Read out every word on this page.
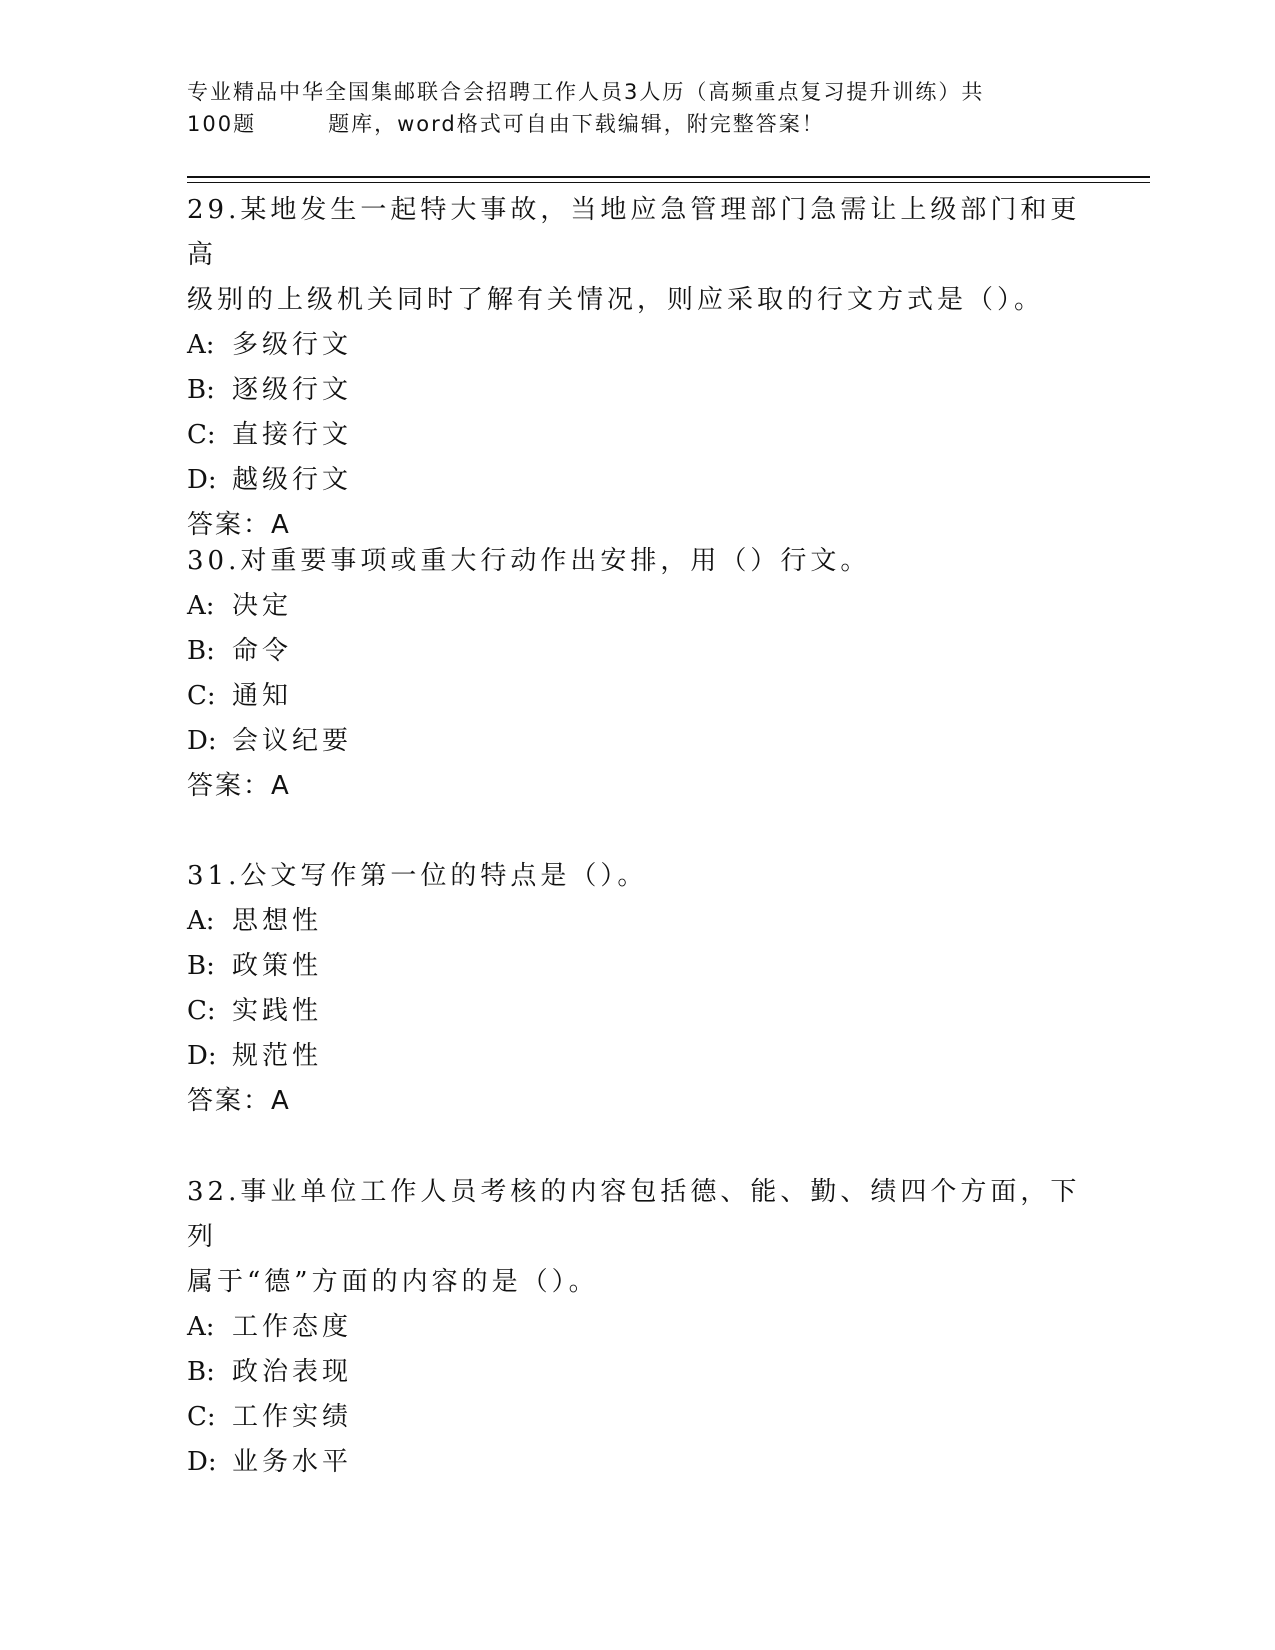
专业精品中华全国集邮联合会招聘工作人员3人历（高频重点复习提升训练）共
100题	题库，word格式可自由下载编辑，附完整答案！

29.某地发生一起特大事故，当地应急管理部门急需让上级部门和更高

级别的上级机关同时了解有关情况，则应采取的行文方式是（）。

A: 多级行文

B: 逐级行文

C: 直接行文

D: 越级行文

答案：A

30.对重要事项或重大行动作出安排，用（）行文。

A: 决定

B: 命令

C: 通知

D: 会议纪要

答案：A

31.公文写作第一位的特点是（）。

A: 思想性

B: 政策性

C: 实践性

D: 规范性

答案：A

32.事业单位工作人员考核的内容包括德、能、勤、绩四个方面，下列

属于“德”方面的内容的是（）。

A: 工作态度

B: 政治表现

C: 工作实绩

D: 业务水平
